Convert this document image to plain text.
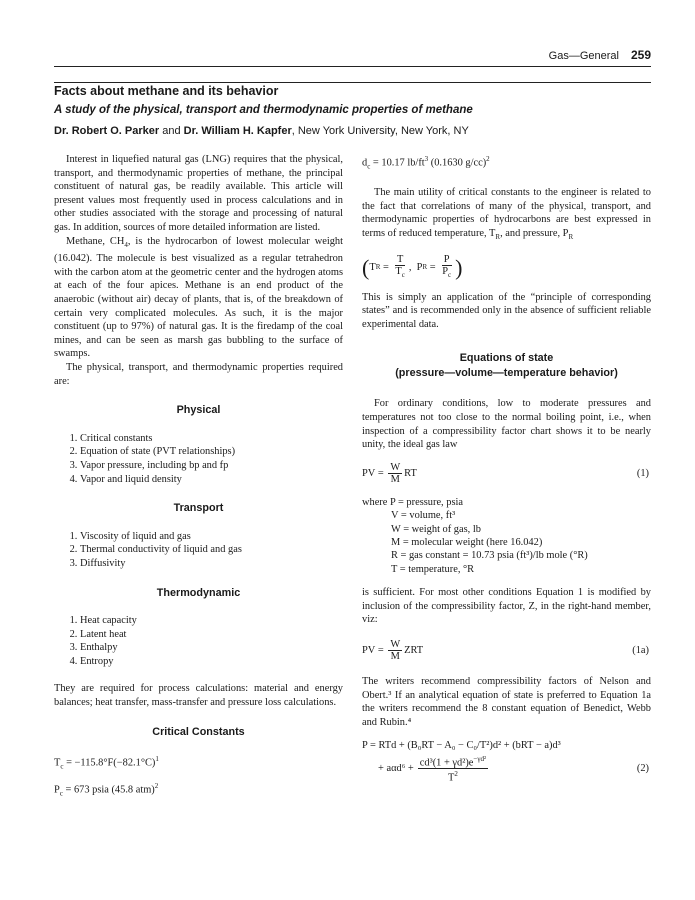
Gas—General 259
Facts about methane and its behavior
A study of the physical, transport and thermodynamic properties of methane
Dr. Robert O. Parker and Dr. William H. Kapfer, New York University, New York, NY

Interest in liquefied natural gas (LNG) requires that the physical, transport, and thermodynamic properties of methane, the principal constituent of natural gas, be readily available. This article will present values most frequently used in process calculations and in other studies associated with the storage and processing of natural gas. In addition, sources of more detailed information are listed.

Methane, $CH_4$, is the hydrocarbon of lowest molecular weight (16.042). The molecule is best visualized as a regular tetrahedron with the carbon atom at the geometric center and the hydrogen atoms at each of the four apices. Methane is an end product of the anaerobic (without air) decay of plants, that is, of the breakdown of certain very complicated molecules. As such, it is the major constituent (up to 97%) of natural gas. It is the firedamp of the coal mines, and can be seen as marsh gas bubbling to the surface of swamps.

The physical, transport, and thermodynamic properties required are:

Physical
1. Critical constants
2. Equation of state (PVT relationships)
3. Vapor pressure, including bp and fp
4. Vapor and liquid density
Transport
1. Viscosity of liquid and gas
2. Thermal conductivity of liquid and gas
3. Diffusivity
Thermodynamic
1. Heat capacity
2. Latent heat
3. Enthalpy
4. Entropy

They are required for process calculations: material and energy balances; heat transfer, mass-transfer and pressure loss calculations.

Critical Constants
$T_c = -115.8^\circ F(-82.1^\circ C)^1$
$P_c = 673$ psia (45.8 atm)$^2$
$d_c = 10.17$ $lb/ft^3$ (0.1630 g/cc)$^2$

The main utility of critical constants to the engineer is related to the fact that correlations of many of the physical, transport, and thermodynamic properties of hydrocarbons are best expressed in terms of reduced temperature, $T_R$, and pressure, $P_R$

( T $R = \frac{T}{T_c}$ ,  P $R = \frac{P}{P_c}$ )

This is simply an application of the “principle of corresponding states” and is recommended only in the absence of sufficient reliable experimental data.

Equations of state
(pressure—volume—temperature behavior)

For ordinary conditions, low to moderate pressures and temperatures not too close to the normal boiling point, i.e., when inspection of a compressibility factor chart shows it to be nearly unity, the ideal gas law

PV = $\frac{W}{M}$ RT	(1)
where P = pressure, psia
V = volume, ft³
W = weight of gas, lb
M = molecular weight (here 16.042)
R = gas constant = 10.73 psia (ft³)/lb mole (°R)
T = temperature, °R

is sufficient. For most other conditions Equation 1 is modified by inclusion of the compressibility factor, Z, in the right-hand member, viz:

PV = $\frac{W}{M}$ ZRT	(1a)

The writers recommend compressibility factors of Nelson and Obert.³ If an analytical equation of state is preferred to Equation 1a the writers recommend the 8 constant equation of Benedict, Webb and Rubin.⁴

P = RTd + (B₀RT − A₀ − C₀/T²)d² + (bRT − a)d³
+ $a\alpha d^6 + \frac{cd^3(1 + \gamma d^2)e^{-\gamma d^2}}{T^2}$	(2)
